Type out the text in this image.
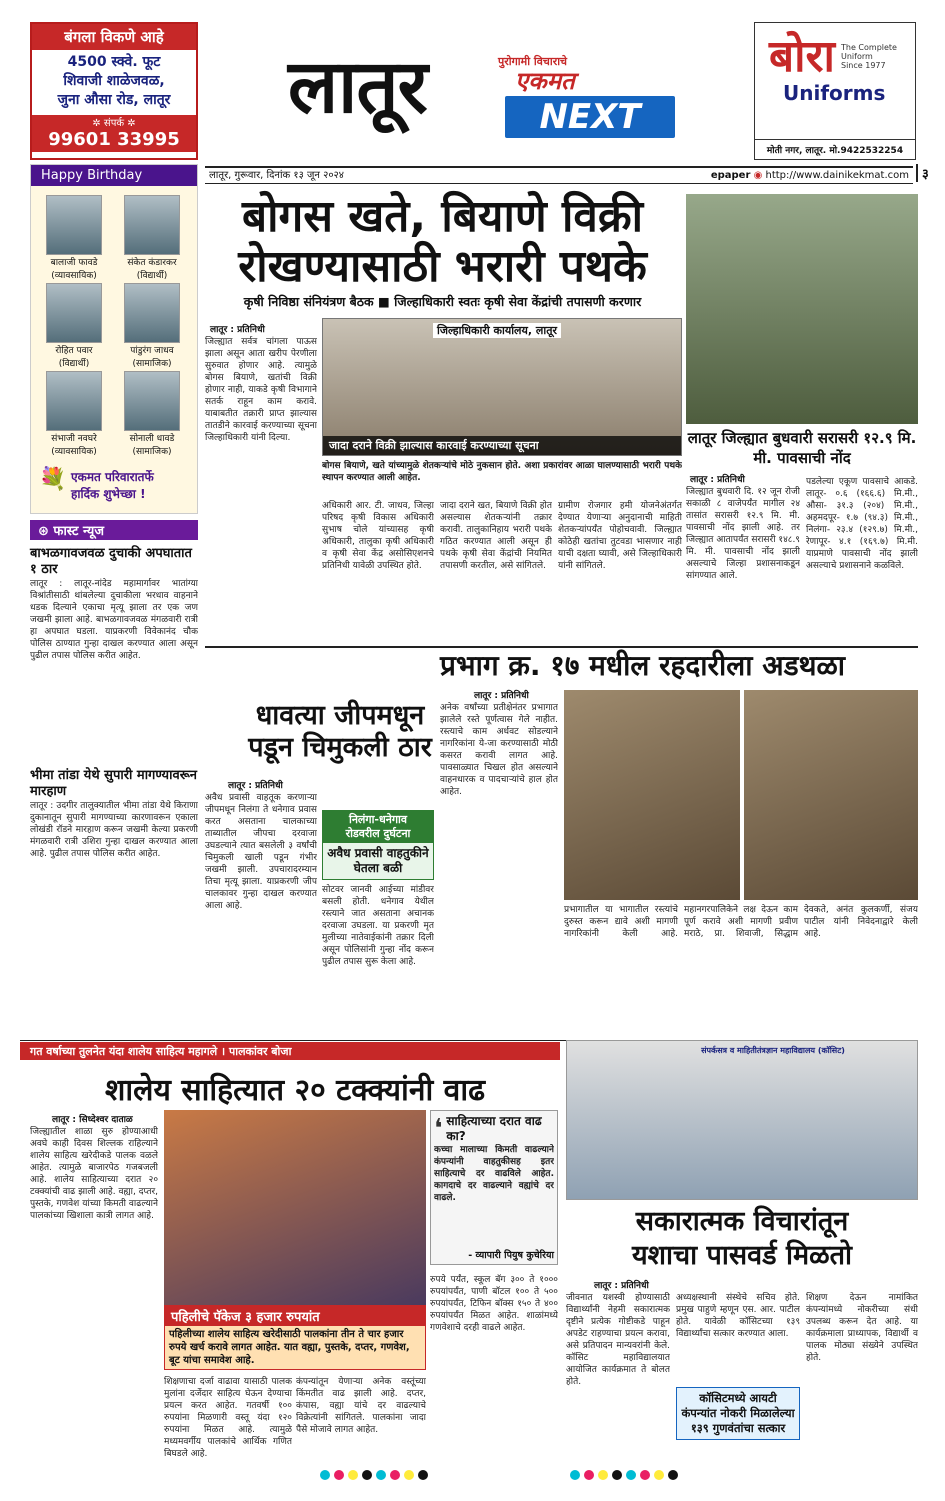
बंगला विकणे आहे
4500 स्क्वे. फूट
शिवाजी शाळेजवळ,
जुना औसा रोड, लातूर
✲ संपर्क ✲
99601 33995
लातूर	पुरोगामी विचाराचे
एकमत
NEXT
बोरा The Complete Uniform
Since 1977
Uniforms
मोती नगर, लातूर. मो.9422532254
लातूर, गुरूवार, दिनांक १३ जून २०२४	epaper ◉ http://www.dainikekmat.com	३
Happy Birthday
बालाजी फावडे
(व्यावसायिक)
संकेत कंडारकर
(विद्यार्थी)
रोहित पवार
(विद्यार्थी)
पांडुरंग जाधव
(सामाजिक)
संभाजी नवघरे
(व्यावसायिक)
सोनाली धावडे
(सामाजिक)
💐 एकमत परिवारातर्फे
हार्दिक शुभेच्छा !
⊛ फास्ट न्यूज
बाभळगावजवळ दुचाकी अपघातात १ ठार
लातूर : लातूर-नांदेड महामार्गावर भातांग्या विश्रांतीसाठी थांबलेल्या दुचाकीला भरधाव वाहनाने धडक दिल्याने एकाचा मृत्यू झाला तर एक जण जखमी झाला आहे. बाभळगावजवळ मंगळवारी रात्री हा अपघात घडला. याप्रकरणी विवेकानंद चौक पोलिस ठाण्यात गुन्हा दाखल करण्यात आला असून पुढील तपास पोलिस करीत आहेत.
भीमा तांडा येथे सुपारी मागण्यावरून मारहाण
लातूर : उदगीर तालुक्यातील भीमा तांडा येथे किराणा दुकानातून सुपारी मागण्याच्या कारणावरून एकाला लोखंडी रॉडने मारहाण करून जखमी केल्या प्रकरणी मंगळवारी रात्री उशिरा गुन्हा दाखल करण्यात आला आहे. पुढील तपास पोलिस करीत आहेत.
बोगस खते, बियाणे विक्री
रोखण्यासाठी भरारी पथके
कृषी निविष्ठा संनियंत्रण बैठक ■ जिल्हाधिकारी स्वतः कृषी सेवा केंद्रांची तपासणी करणार
लातूर : प्रतिनिधी
जिल्ह्यात सर्वत्र चांगला पाऊस झाला असून आता खरीप पेरणीला सुरुवात होणार आहे. त्यामुळे बोगस बियाणे, खतांची विक्री होणार नाही, याकडे कृषी विभागाने सतर्क राहून काम करावे. याबाबतीत तक्रारी प्राप्त झाल्यास तातडीने कारवाई करण्याच्या सूचना जिल्हाधिकारी यांनी दिल्या.
जिल्हाधिकारी कार्यालय, लातूर
जादा दराने विक्री झाल्यास कारवाई करण्याच्या सूचना
बोगस बियाणे, खते यांच्यामुळे शेतकऱ्यांचे मोठे नुकसान होते. अशा प्रकारांवर आळा घालण्यासाठी भरारी पथके स्थापन करण्यात आली आहेत.
अधिकारी आर. टी. जाधव, जिल्हा परिषद कृषी विकास अधिकारी सुभाष चोले यांच्यासह कृषी अधिकारी, तालुका कृषी अधिकारी व कृषी सेवा केंद्र असोसिएशनचे प्रतिनिधी यावेळी उपस्थित होते.
जादा दराने खत, बियाणे विक्री होत असल्यास शेतकऱ्यांनी तक्रार करावी. तालुकानिहाय भरारी पथके गठित करण्यात आली असून ही पथके कृषी सेवा केंद्रांची नियमित तपासणी करतील, असे सांगितले.
ग्रामीण रोजगार हमी योजनेअंतर्गत देण्यात येणाऱ्या अनुदानाची माहिती शेतकऱ्यांपर्यंत पोहोचवावी. जिल्ह्यात कोठेही खतांचा तुटवडा भासणार नाही याची दक्षता घ्यावी, असे जिल्हाधिकारी यांनी सांगितले.
लातूर जिल्ह्यात बुधवारी सरासरी १२.९ मि. मी. पावसाची नोंद
लातूर : प्रतिनिधी
जिल्ह्यात बुधवारी दि. १२ जून रोजी सकाळी ८ वाजेपर्यंत मागील २४ तासांत सरासरी १२.९ मि. मी. पावसाची नोंद झाली आहे. तर जिल्ह्यात आतापर्यंत सरासरी १४८.९ मि. मी. पावसाची नोंद झाली असल्याचे जिल्हा प्रशासनाकडून सांगण्यात आले.
पडलेल्या एकूण पावसाचे आकडे. लातूर- ०.६ (१६६.६) मि.मी., औसा- ३१.३ (२०४) मि.मी., अहमदपूर- १.७ (९४.३) मि.मी., निलंगा- २३.४ (१२९.७) मि.मी., रेणापूर- ४.१ (१६९.७) मि.मी. याप्रमाणे पावसाची नोंद झाली असल्याचे प्रशासनाने कळविले.
धावत्या जीपमधून
पडून चिमुकली ठार
लातूर : प्रतिनिधी
अवैध प्रवासी वाहतूक करणाऱ्या जीपमधून निलंगा ते धनेगाव प्रवास करत असताना चालकाच्या ताब्यातील जीपचा दरवाजा उघडल्याने त्यात बसलेली ३ वर्षांची चिमुकली खाली पडून गंभीर जखमी झाली. उपचारादरम्यान तिचा मृत्यू झाला. याप्रकरणी जीप चालकावर गुन्हा दाखल करण्यात आला आहे.
निलंगा-धनेगाव
रोडवरील दुर्घटना
अवैध प्रवासी वाहतुकीने घेतला बळी
सोटवर जानवी आईच्या मांडीवर बसली होती. धनेगाव येथील रस्त्याने जात असताना अचानक दरवाजा उघडला. या प्रकरणी मृत मुलीच्या नातेवाईकांनी तक्रार दिली असून पोलिसांनी गुन्हा नोंद करून पुढील तपास सुरू केला आहे.
प्रभाग क्र. १७ मधील रहदारीला अडथळा
लातूर : प्रतिनिधी
अनेक वर्षांच्या प्रतीक्षेनंतर प्रभागात झालेले रस्ते पूर्णत्वास गेले नाहीत. रस्त्याचे काम अर्धवट सोडल्याने नागरिकांना ये-जा करण्यासाठी मोठी कसरत करावी लागत आहे. पावसाळ्यात चिखल होत असल्याने वाहनधारक व पादचाऱ्यांचे हाल होत आहेत.
प्रभागातील या भागातील रस्त्यांचे दुरुस्त करून द्यावे अशी मागणी नागरिकांनी केली आहे. महानगरपालिकेने लक्ष देऊन काम पूर्ण करावे अशी मागणी प्रवीण मराठे, प्रा. शिवाजी, सिद्धाम देवकते, अनंत कुलकर्णी, संजय पाटील यांनी निवेदनाद्वारे केली आहे.
गत वर्षाच्या तुलनेत यंदा शालेय साहित्य महागले । पालकांवर बोजा
शालेय साहित्यात २० टक्क्यांनी वाढ
लातूर : सिध्देश्वर दाताळ
जिल्ह्यातील शाळा सुरु होण्याआधी अवघे काही दिवस शिल्लक राहिल्याने शालेय साहित्य खरेदीकडे पालक वळले आहेत. त्यामुळे बाजारपेठ गजबजली आहे. शालेय साहित्याच्या दरात २० टक्क्यांची वाढ झाली आहे. वह्या, दप्तर, पुस्तके, गणवेश यांच्या किमती वाढल्याने पालकांच्या खिशाला कात्री लागत आहे.
पहिलीचे पॅकेज ३ हजार रुपयांत
पहिलीच्या शालेय साहित्य खरेदीसाठी पालकांना तीन ते चार हजार रुपये खर्च करावे लागत आहेत. यात वह्या, पुस्तके, दप्तर, गणवेश, बूट यांचा समावेश आहे.
शिक्षणाचा दर्जा वाढावा यासाठी पालक मुलांना दर्जेदार साहित्य घेऊन देण्याचा प्रयत्न करत आहेत. गतवर्षी १०० रुपयांना मिळणारी वस्तू यंदा १२० रुपयांना मिळत आहे. त्यामुळे मध्यमवर्गीय पालकांचे आर्थिक गणित बिघडले आहे.
कंपन्यांतून येणाऱ्या अनेक वस्तूंच्या किंमतीत वाढ झाली आहे. दप्तर, कंपास, वह्या यांचे दर वाढल्याचे विक्रेत्यांनी सांगितले. पालकांना जादा पैसे मोजावे लागत आहेत.
❛ साहित्याच्या दरात वाढ का?
कच्चा मालाच्या किमती वाढल्याने कंपन्यांनी वाहतुकीसह इतर साहित्याचे दर वाढविले आहेत. कागदाचे दर वाढल्याने वह्यांचे दर वाढले.
- व्यापारी पियुष कुचेरिया
रुपये पर्यंत, स्कूल बॅग ३०० ते १००० रुपयांपर्यंत, पाणी बॉटल १०० ते ५०० रुपयांपर्यंत, टिफिन बॉक्स १५० ते ४०० रुपयांपर्यंत मिळत आहेत. शाळांमध्ये गणवेशाचे दरही वाढले आहेत.
संपर्कसत्र व माहितीतंत्रज्ञान महाविद्यालय (कॉसिट)
सकारात्मक विचारांतून
यशाचा पासवर्ड मिळतो
लातूर : प्रतिनिधी
जीवनात यशस्वी होण्यासाठी विद्यार्थ्यांनी नेहमी सकारात्मक दृष्टीने प्रत्येक गोष्टीकडे पाहून अपडेट राहण्याचा प्रयत्न करावा, असे प्रतिपादन मान्यवरांनी केले. कॉसिट महाविद्यालयात आयोजित कार्यक्रमात ते बोलत होते.
अध्यक्षस्थानी संस्थेचे सचिव होते. प्रमुख पाहुणे म्हणून एस. आर. पाटील होते. यावेळी कॉसिटच्या १३९ विद्यार्थ्यांचा सत्कार करण्यात आला.
कॉसिटमध्ये आयटी कंपन्यांत नोकरी मिळालेल्या १३९ गुणवंतांचा सत्कार
शिक्षण देऊन नामांकित कंपन्यांमध्ये नोकरीच्या संधी उपलब्ध करून देत आहे. या कार्यक्रमाला प्राध्यापक, विद्यार्थी व पालक मोठ्या संख्येने उपस्थित होते.
